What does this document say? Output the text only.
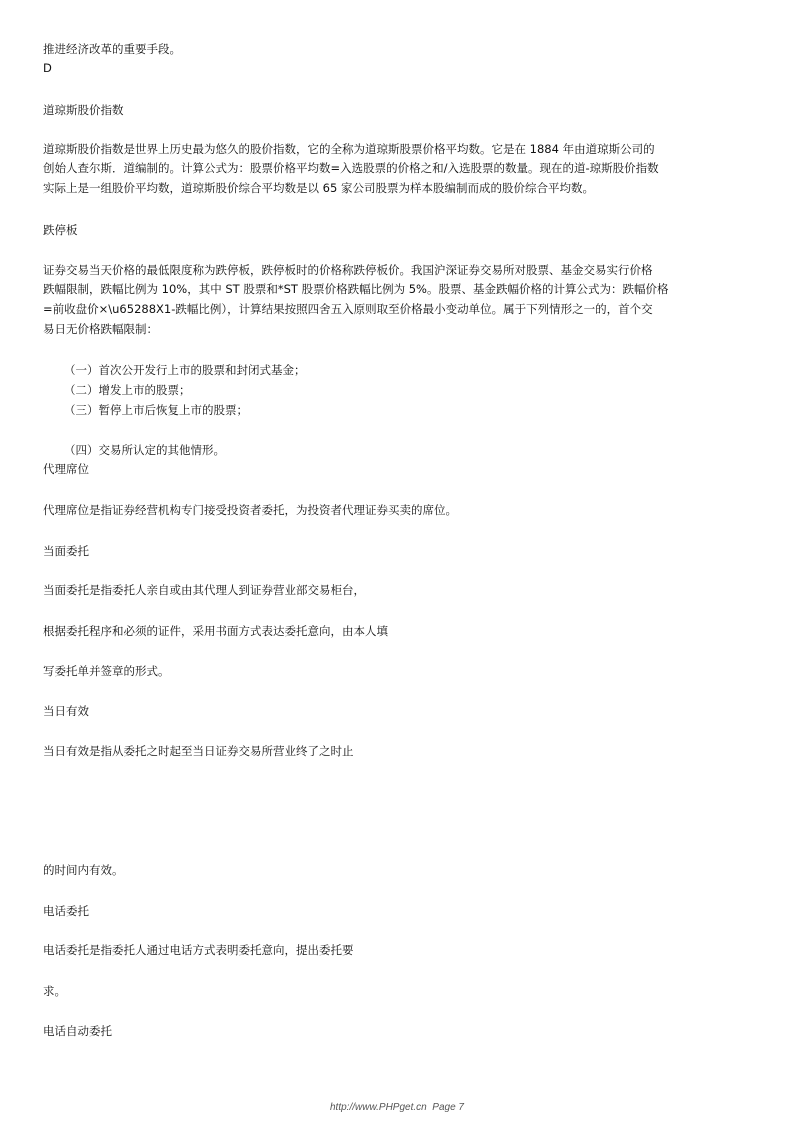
推进经济改革的重要手段。

D

道琼斯股价指数

道琼斯股价指数是世界上历史最为悠久的股价指数，它的全称为道琼斯股票价格平均数。它是在 1884 年由道琼斯公司的

创始人查尔斯．道编制的。计算公式为：股票价格平均数=入选股票的价格之和/入选股票的数量。现在的道-琼斯股价指数

实际上是一组股价平均数，道琼斯股价综合平均数是以 65 家公司股票为样本股编制而成的股价综合平均数。

跌停板

证券交易当天价格的最低限度称为跌停板，跌停板时的价格称跌停板价。我国沪深证券交易所对股票、基金交易实行价格

跌幅限制，跌幅比例为 10%，其中 ST 股票和*ST 股票价格跌幅比例为 5%。股票、基金跌幅价格的计算公式为：跌幅价格

=前收盘价×\u65288X1-跌幅比例），计算结果按照四舍五入原则取至价格最小变动单位。属于下列情形之一的，首个交

易日无价格跌幅限制：

（一）首次公开发行上市的股票和封闭式基金；

（二）增发上市的股票；

（三）暂停上市后恢复上市的股票；

（四）交易所认定的其他情形。

代理席位

代理席位是指证券经营机构专门接受投资者委托，为投资者代理证券买卖的席位。

当面委托

当面委托是指委托人亲自或由其代理人到证券营业部交易柜台，

根据委托程序和必须的证件，采用书面方式表达委托意向，由本人填

写委托单并签章的形式。

当日有效

当日有效是指从委托之时起至当日证券交易所营业终了之时止

的时间内有效。

电话委托

电话委托是指委托人通过电话方式表明委托意向，提出委托要

求。

电话自动委托

http://www.PHPget.cn Page 7
